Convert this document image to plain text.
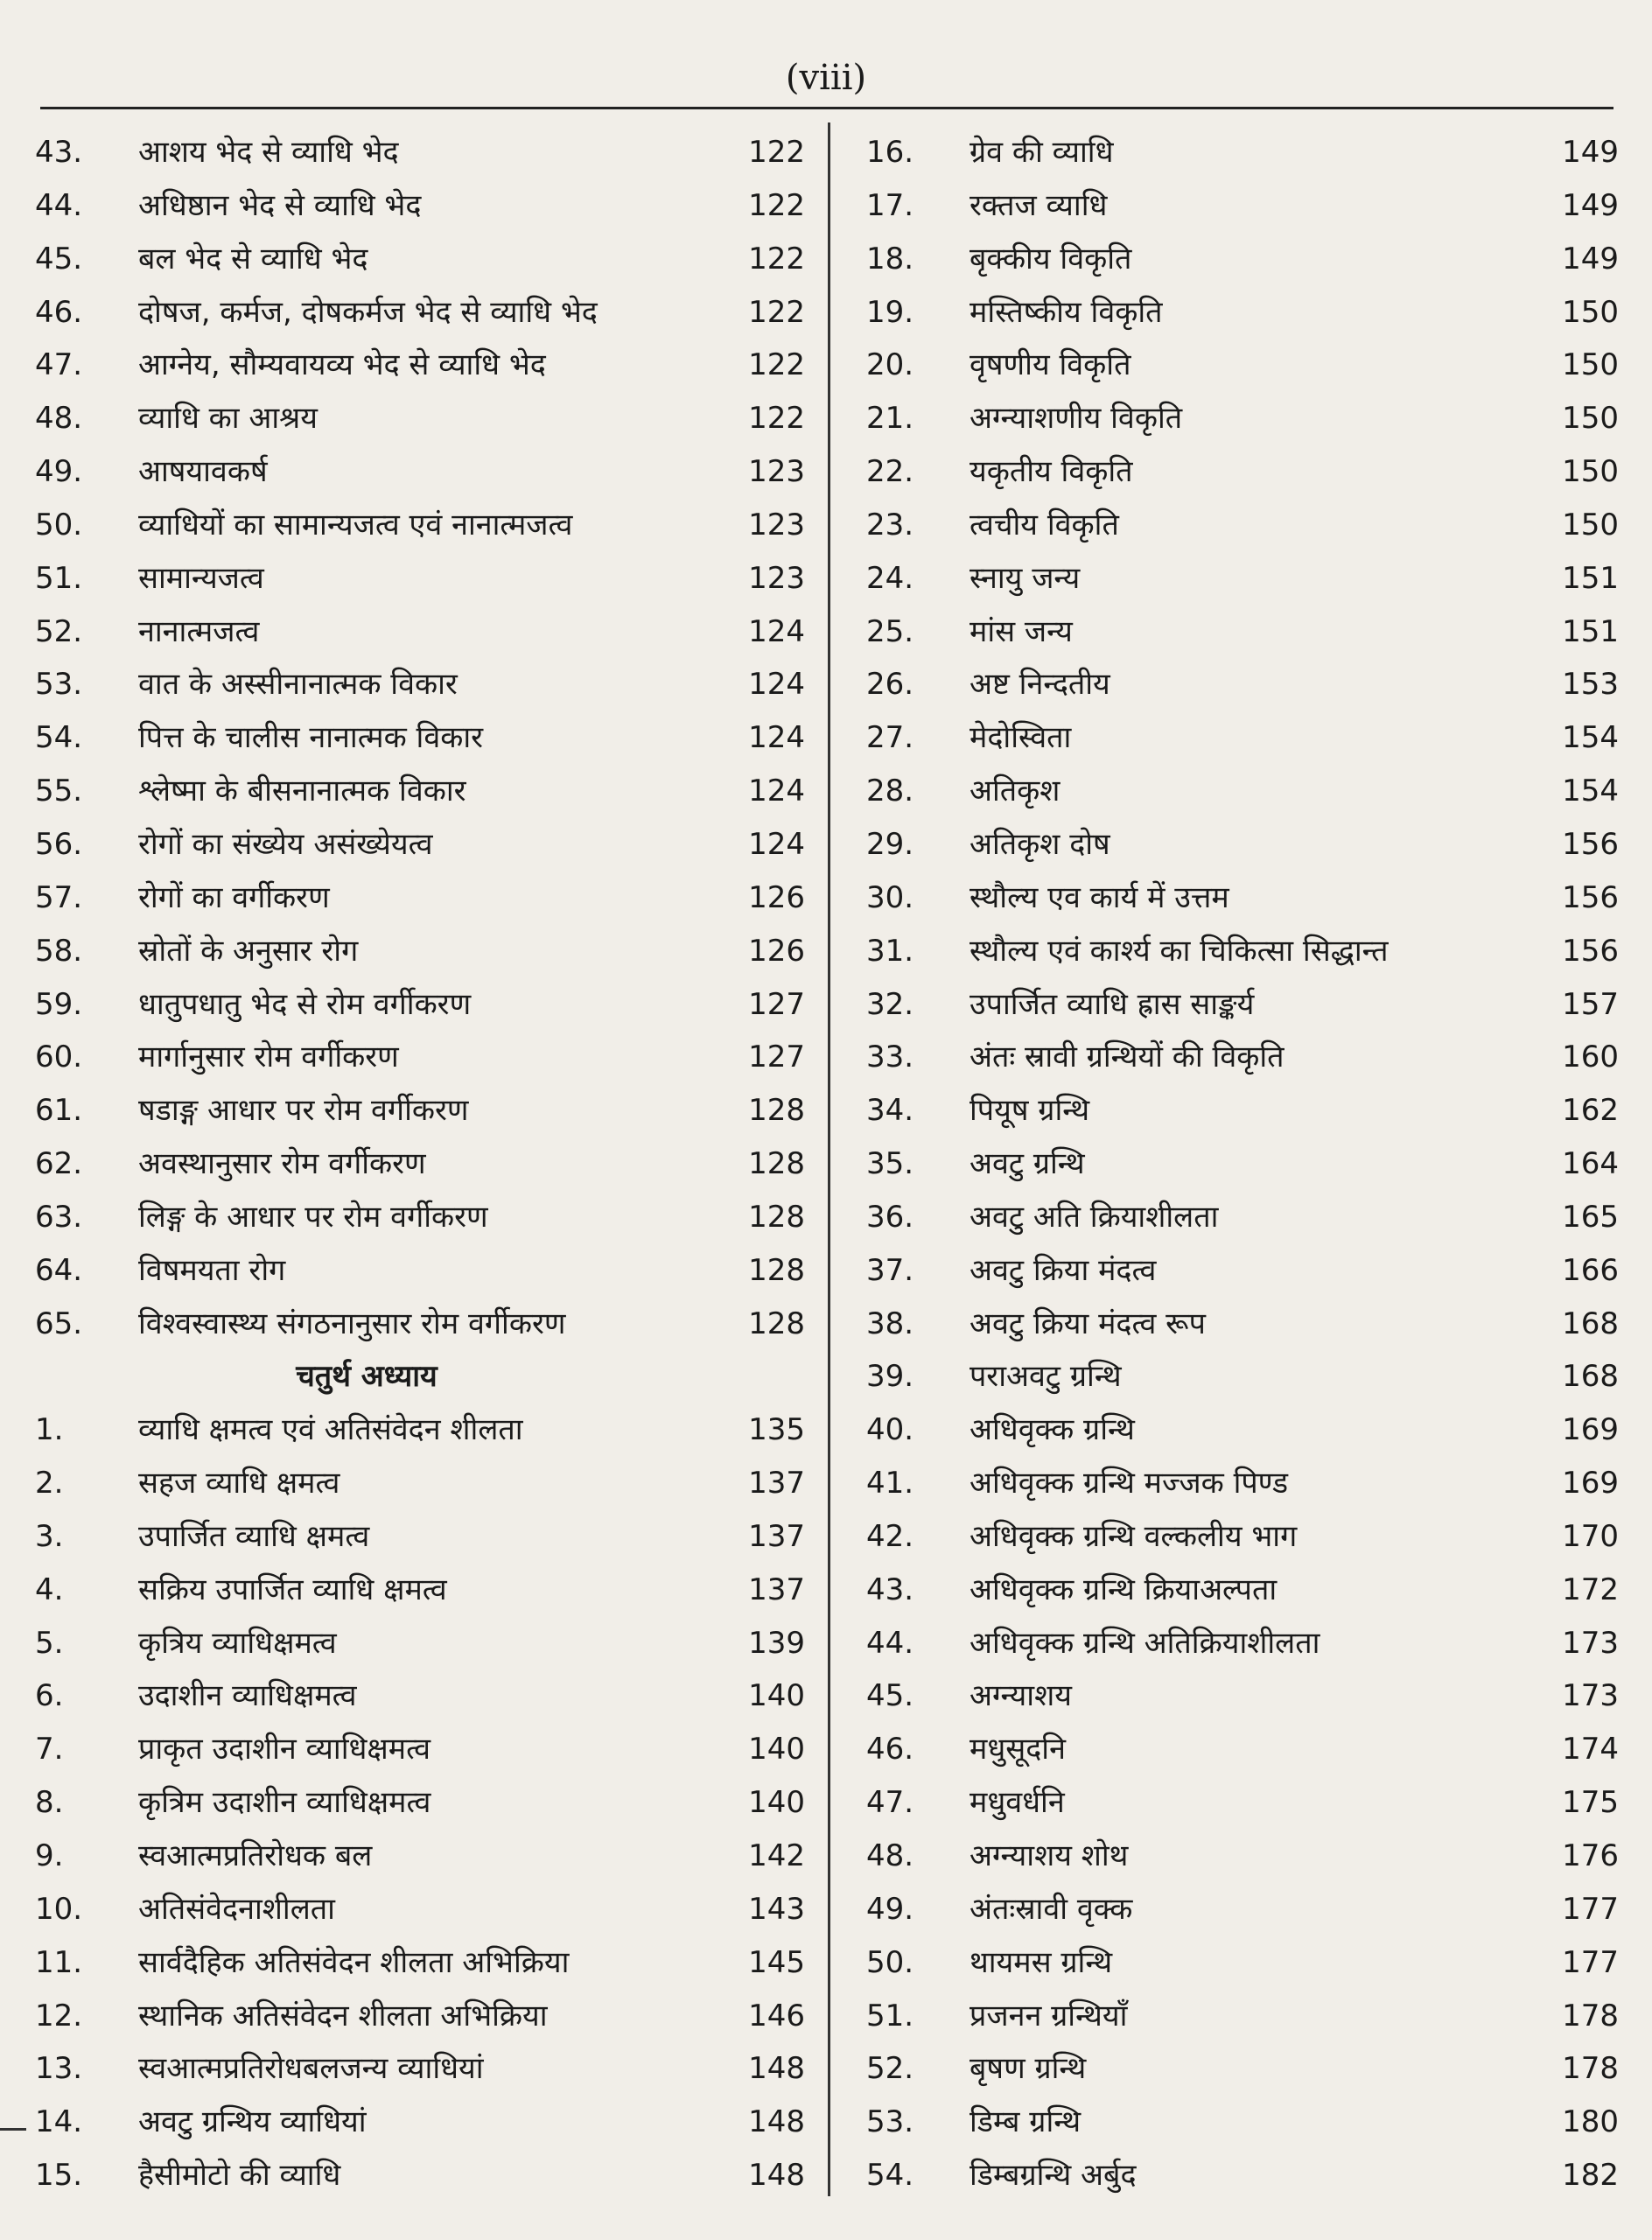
(viii)
43. आशय भेद से व्याधि भेद	122
44. अधिष्ठान भेद से व्याधि भेद	122
45. बल भेद से व्याधि भेद	122
46. दोषज, कर्मज, दोषकर्मज भेद से व्याधि भेद	122
47. आग्नेय, सौम्यवायव्य भेद से व्याधि भेद	122
48. व्याधि का आश्रय	122
49. आषयावकर्ष	123
50. व्याधियों का सामान्यजत्व एवं नानात्मजत्व	123
51. सामान्यजत्व	123
52. नानात्मजत्व	124
53. वात के अस्सीनानात्मक विकार	124
54. पित्त के चालीस नानात्मक विकार	124
55. श्लेष्मा के बीसनानात्मक विकार	124
56. रोगों का संख्येय असंख्येयत्व	124
57. रोगों का वर्गीकरण	126
58. स्रोतों के अनुसार रोग	126
59. धातुपधातु भेद से रोम वर्गीकरण	127
60. मार्गानुसार रोम वर्गीकरण	127
61. षडाङ्ग आधार पर रोम वर्गीकरण	128
62. अवस्थानुसार रोम वर्गीकरण	128
63. लिङ्ग के आधार पर रोम वर्गीकरण	128
64. विषमयता रोग	128
65. विश्वस्वास्थ्य संगठनानुसार रोम वर्गीकरण	128
चतुर्थ अध्याय
1.	व्याधि क्षमत्व एवं अतिसंवेदन शीलता	135
2.	सहज व्याधि क्षमत्व	137
3.	उपार्जित व्याधि क्षमत्व	137
4.	सक्रिय उपार्जित व्याधि क्षमत्व	137
5.	कृत्रिय व्याधिक्षमत्व	139
6.	उदाशीन व्याधिक्षमत्व	140
7.	प्राकृत उदाशीन व्याधिक्षमत्व	140
8.	कृत्रिम उदाशीन व्याधिक्षमत्व	140
9.	स्वआत्मप्रतिरोधक बल	142
10. अतिसंवेदनाशीलता	143
11. सार्वदैहिक अतिसंवेदन शीलता अभिक्रिया	145
12. स्थानिक अतिसंवेदन शीलता अभिक्रिया	146
13. स्वआत्मप्रतिरोधबलजन्य व्याधियां	148
14. अवटु ग्रन्थिय व्याधियां	148
15. हैसीमोटो की व्याधि	148
16. ग्रेव की व्याधि	149
17. रक्तज व्याधि	149
18. बृक्कीय विकृति	149
19. मस्तिष्कीय विकृति	150
20. वृषणीय विकृति	150
21. अग्न्याशणीय विकृति	150
22. यकृतीय विकृति	150
23. त्वचीय विकृति	150
24. स्नायु जन्य	151
25. मांस जन्य	151
26. अष्ट निन्दतीय	153
27. मेदोस्विता	154
28. अतिकृश	154
29. अतिकृश दोष	156
30. स्थौल्य एव कार्य में उत्तम	156
31. स्थौल्य एवं कार्श्य का चिकित्सा सिद्धान्त	156
32. उपार्जित व्याधि ह्रास साङ्कर्य	157
33. अंतः स्रावी ग्रन्थियों की विकृति	160
34. पियूष ग्रन्थि	162
35. अवटु ग्रन्थि	164
36. अवटु अति क्रियाशीलता	165
37. अवटु क्रिया मंदत्व	166
38. अवटु क्रिया मंदत्व रूप	168
39. पराअवटु ग्रन्थि	168
40. अधिवृक्क ग्रन्थि	169
41. अधिवृक्क ग्रन्थि मज्जक पिण्ड	169
42. अधिवृक्क ग्रन्थि वल्कलीय भाग	170
43. अधिवृक्क ग्रन्थि क्रियाअल्पता	172
44. अधिवृक्क ग्रन्थि अतिक्रियाशीलता	173
45. अग्न्याशय	173
46. मधुसूदनि	174
47. मधुवर्धनि	175
48. अग्न्याशय शोथ	176
49. अंतःस्रावी वृक्क	177
50. थायमस ग्रन्थि	177
51. प्रजनन ग्रन्थियाँ	178
52. बृषण ग्रन्थि	178
53. डिम्ब ग्रन्थि	180
54. डिम्बग्रन्थि अर्बुद	182
